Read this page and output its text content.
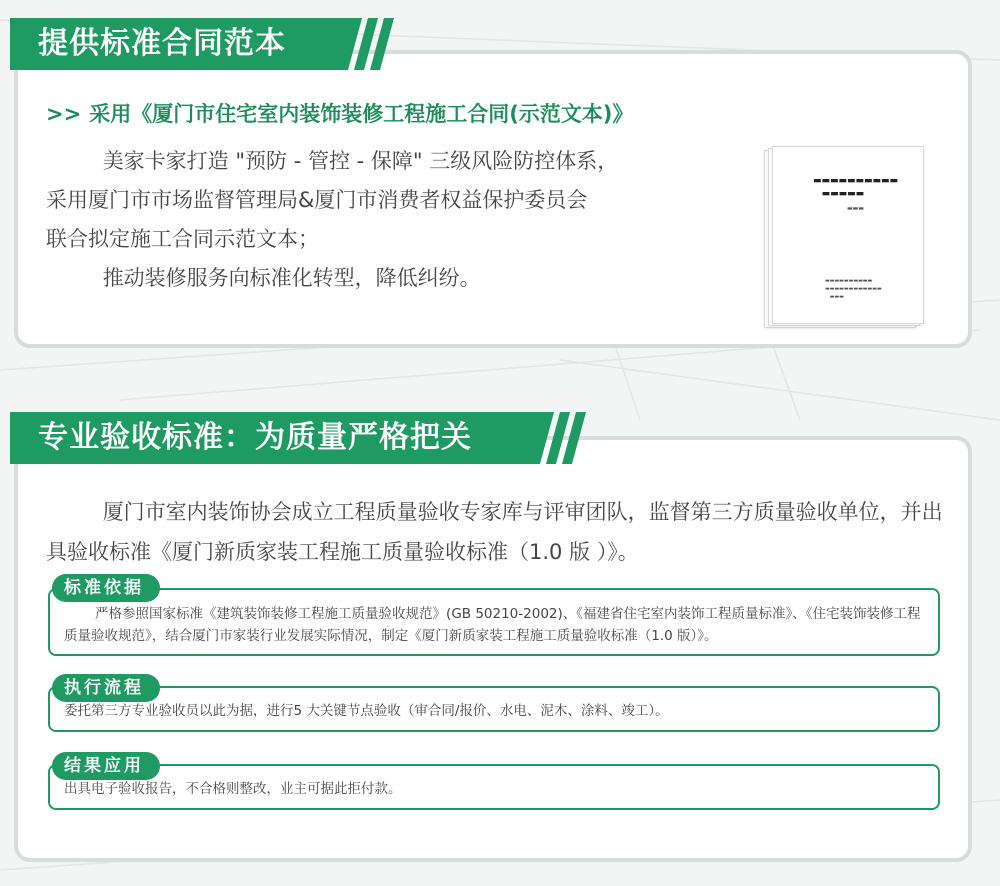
提供标准合同范本
>> 采用《厦门市住宅室内装饰装修工程施工合同(示范文本)》

美家卡家打造 "预防 - 管控 - 保障" 三级风险防控体系，

采用厦门市市场监督管理局&厦门市消费者权益保护委员会

联合拟定施工合同示范文本；

推动装修服务向标准化转型，降低纠纷。

▬▬▬▬▬▬▬▬▬▬
▬▬▬▬▬
▬▬▬
▬▬▬▬▬▬▬▬▬▬
▬▬▬▬▬▬▬▬▬▬▬▬
▬▬▬
专业验收标准：为质量严格把关

厦门市室内装饰协会成立工程质量验收专家库与评审团队，监督第三方质量验收单位，并出具验收标准《厦门新质家装工程施工质量验收标准（1.0 版 ）》。

严格参照国家标准《建筑装饰装修工程施工质量验收规范》(GB 50210-2002)、《福建省住宅室内装饰工程质量标准》、《住宅装饰装修工程质量验收规范》，结合厦门市家装行业发展实际情况，制定《厦门新质家装工程施工质量验收标准（1.0 版）》。
标准依据
委托第三方专业验收员以此为据，进行5 大关键节点验收（审合同/报价、水电、泥木、涂料、竣工）。
执行流程
出具电子验收报告，不合格则整改，业主可据此拒付款。
结果应用
